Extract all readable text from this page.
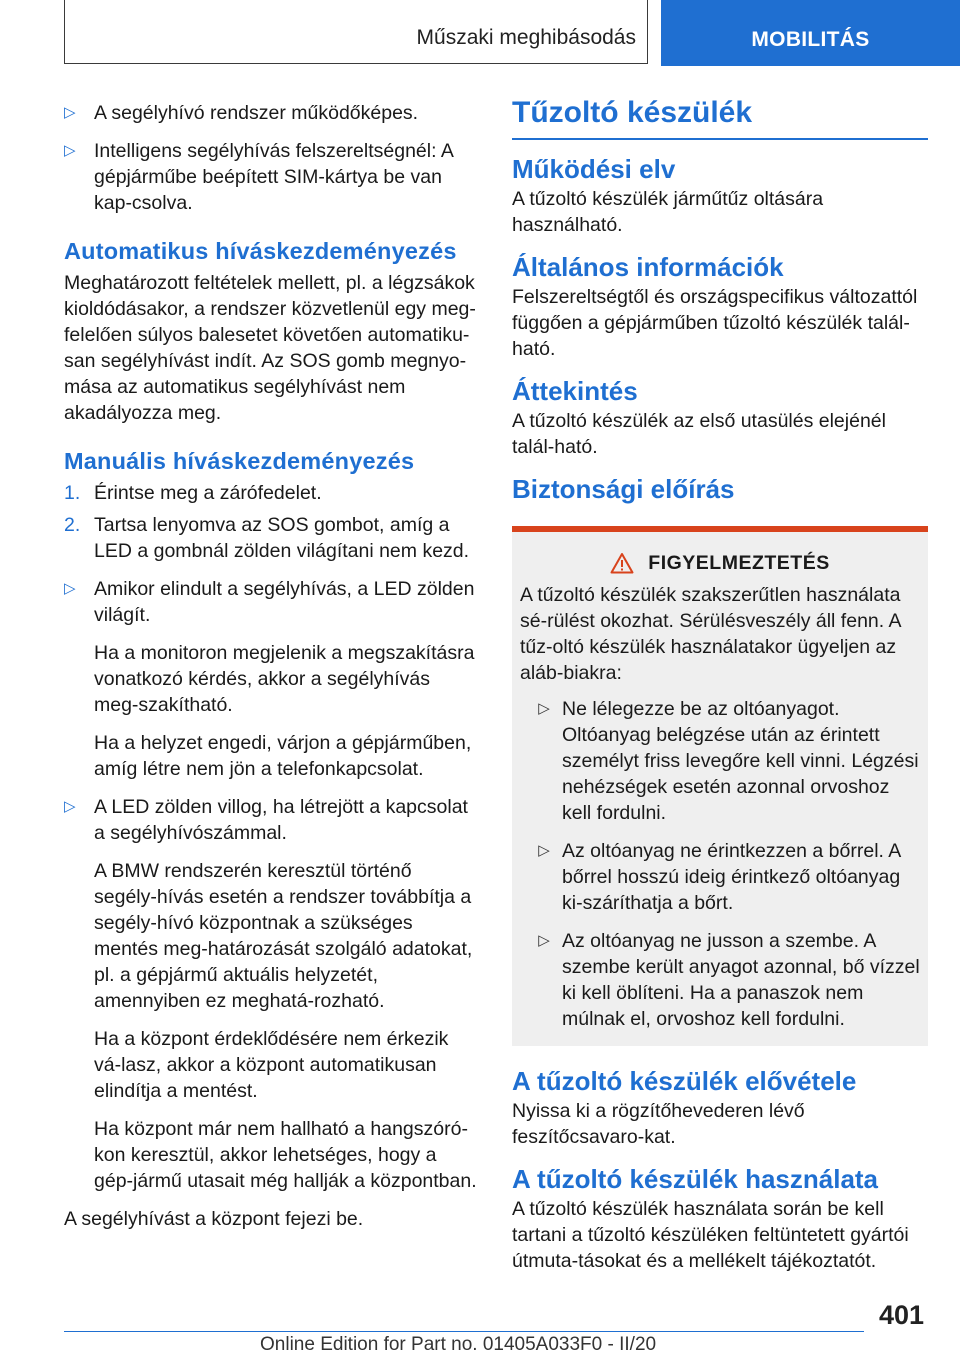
Műszaki meghibásodás	MOBILITÁS
▷ A segélyhívó rendszer működőképes.
▷ Intelligens segélyhívás felszereltségnél: A gépjárműbe beépített SIM-kártya be van kap-csolva.
Automatikus híváskezdeményezés

Meghatározott feltételek mellett, pl. a légzsákok kioldódásakor, a rendszer közvetlenül egy meg-felelően súlyos balesetet követően automatiku-san segélyhívást indít. Az SOS gomb megnyo-mása az automatikus segélyhívást nem akadályozza meg.

Manuális híváskezdeményezés
1. Érintse meg a zárófedelet.
2. Tartsa lenyomva az SOS gombot, amíg a LED a gombnál zölden világítani nem kezd.
▷ Amikor elindult a segélyhívás, a LED zölden világít.

Ha a monitoron megjelenik a megszakításra vonatkozó kérdés, akkor a segélyhívás meg-szakítható.

Ha a helyzet engedi, várjon a gépjárműben, amíg létre nem jön a telefonkapcsolat.

▷ A LED zölden villog, ha létrejött a kapcsolat a segélyhívószámmal.

A BMW rendszerén keresztül történő segély-hívás esetén a rendszer továbbítja a segély-hívó központnak a szükséges mentés meg-határozását szolgáló adatokat, pl. a gépjármű aktuális helyzetét, amennyiben ez meghatá-rozható.

Ha a központ érdeklődésére nem érkezik vá-lasz, akkor a központ automatikusan elindítja a mentést.

Ha központ már nem hallható a hangszóró-kon keresztül, akkor lehetséges, hogy a gép-jármű utasait még hallják a központban.

A segélyhívást a központ fejezi be.

Tűzoltó készülék
Működési elv

A tűzoltó készülék járműtűz oltására használható.

Általános információk

Felszereltségtől és országspecifikus változattól függően a gépjárműben tűzoltó készülék talál-ható.

Áttekintés

A tűzoltó készülék az első utasülés elejénél talál-ható.

Biztonsági előírás
FIGYELMEZTETÉS

A tűzoltó készülék szakszerűtlen használata sé-rülést okozhat. Sérülésveszély áll fenn. A tűz-oltó készülék használatakor ügyeljen az aláb-biakra:

▷ Ne lélegezze be az oltóanyagot. Oltóanyag belégzése után az érintett személyt friss levegőre kell vinni. Légzési nehézségek esetén azonnal orvoshoz kell fordulni.
▷ Az oltóanyag ne érintkezzen a bőrrel. A bőrrel hosszú ideig érintkező oltóanyag ki-száríthatja a bőrt.
▷ Az oltóanyag ne jusson a szembe. A szembe került anyagot azonnal, bő vízzel ki kell öblíteni. Ha a panaszok nem múlnak el, orvoshoz kell fordulni.
A tűzoltó készülék elővétele

Nyissa ki a rögzítőhevederen lévő feszítőcsavaro-kat.

A tűzoltó készülék használata

A tűzoltó készülék használata során be kell tartani a tűzoltó készüléken feltüntetett gyártói útmuta-tásokat és a mellékelt tájékoztatót.

401
Online Edition for Part no. 01405A033F0 - II/20
